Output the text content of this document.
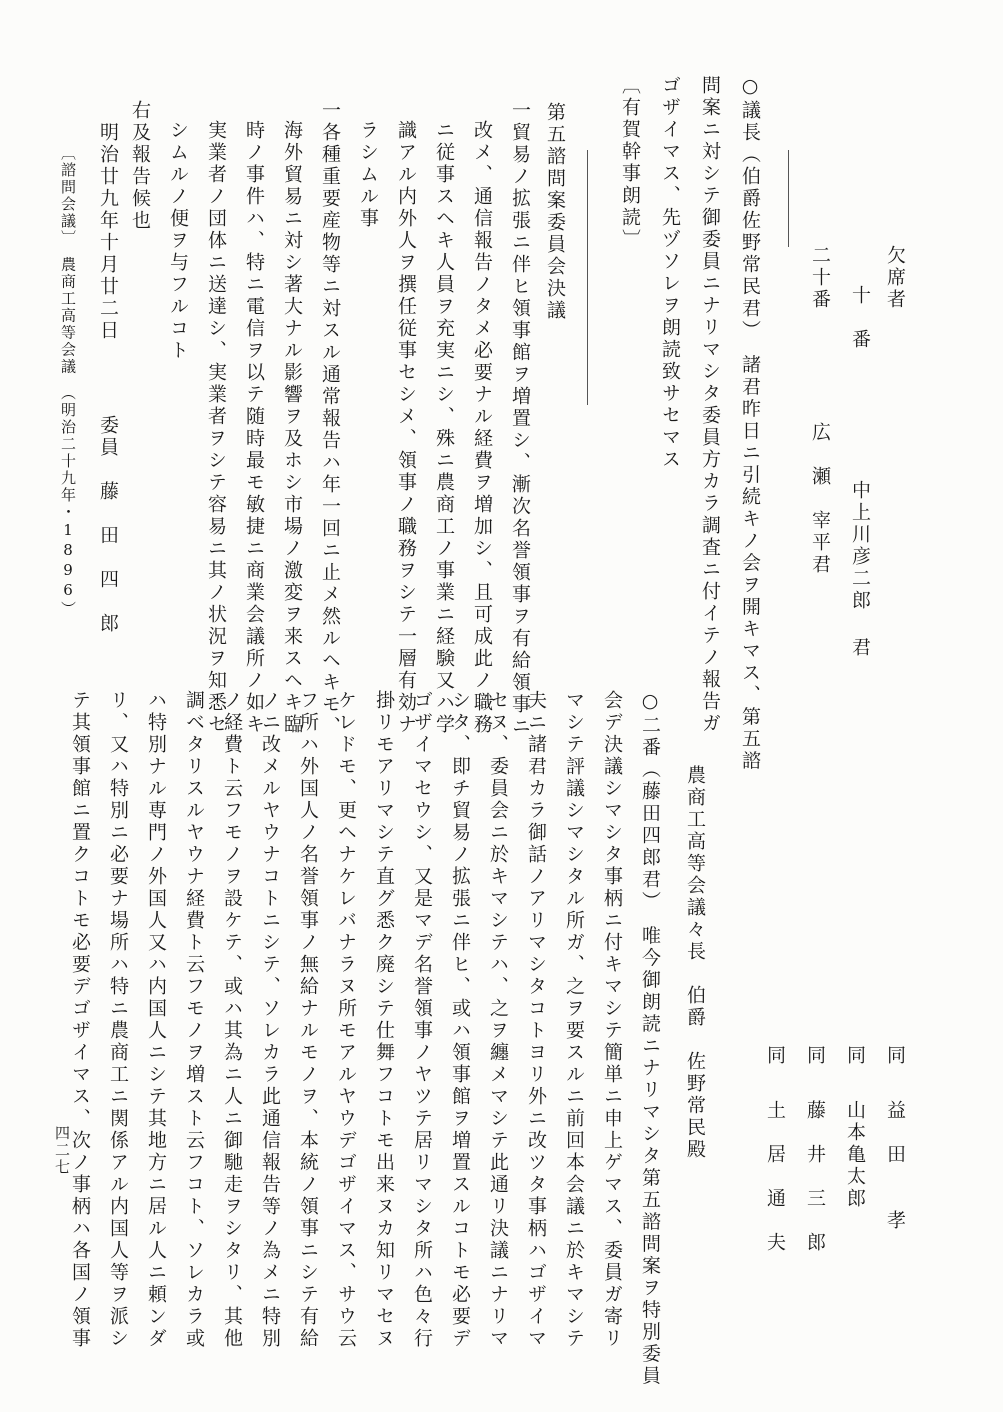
欠席者
十　番
中上川彦二郎 君
二十番
広　瀬　宰平君
○議長（伯爵佐野常民君）　諸君昨日ニ引続キノ会ヲ開キマス、第五諮
問案ニ対シテ御委員ニナリマシタ委員方カラ調査ニ付イテノ報告ガ
ゴザイマス、先ヅソレヲ朗読致サセマス
〔有賀幹事朗読〕
第五諮問案委員会決議
一貿易ノ拡張ニ伴ヒ領事館ヲ増置シ、漸次名誉領事ヲ有給領事ニ
改メ、通信報告ノタメ必要ナル経費ヲ増加シ、且可成此ノ職務
ニ従事スヘキ人員ヲ充実ニシ、殊ニ農商工ノ事業ニ経験又ハ学
識アル内外人ヲ撰任従事セシメ、領事ノ職務ヲシテ一層有効ナ
ラシムル事
一各種重要産物等ニ対スル通常報告ハ年一回ニ止メ然ルヘキモ、
海外貿易ニ対シ著大ナル影響ヲ及ホシ市場ノ激変ヲ来スヘキ臨
時ノ事件ハ、特ニ電信ヲ以テ随時最モ敏捷ニ商業会議所ノ如キ
実業者ノ団体ニ送達シ、実業者ヲシテ容易ニ其ノ状況ヲ知悉セ
シムルノ便ヲ与フルコト
右及報告候也
明治廿九年十月廿二日
委員　藤　田　四　郎
〔諮問会議〕　農商工高等会議　（明治二十九年・1896）
同
益　田　　孝
同
山本亀太郎
同
藤　井　三　郎
同
土　居　通　夫
農商工高等会議々長　伯爵　佐野常民殿
○二番（藤田四郎君）　唯今御朗読ニナリマシタ第五諮問案ヲ特別委員
会デ決議シマシタ事柄ニ付キマシテ簡単ニ申上ゲマス、委員ガ寄リ
マシテ評議シマシタル所ガ、之ヲ要スルニ前回本会議ニ於キマシテ
夫ニ諸君カラ御話ノアリマシタコトヨリ外ニ改ツタ事柄ハゴザイマ
セヌ、委員会ニ於キマシテハ、之ヲ纏メマシテ此通リ決議ニナリマ
シタ、即チ貿易ノ拡張ニ伴ヒ、或ハ領事館ヲ増置スルコトモ必要デ
ゴザイマセウシ、又是マデ名誉領事ノヤツテ居リマシタ所ハ色々行
掛リモアリマシテ直グ悉ク廃シテ仕舞フコトモ出来ヌカ知リマセヌ
ケレドモ、更ヘナケレバナラヌ所モアルヤウデゴザイマス、サウ云
フ所ハ外国人ノ名誉領事ノ無給ナルモノヲ、本統ノ領事ニシテ有給
ノニ改メルヤウナコトニシテ、ソレカラ此通信報告等ノ為メニ特別
ノ経費ト云フモノヲ設ケテ、或ハ其為ニ人ニ御馳走ヲシタリ、其他
調ベタリスルヤウナ経費ト云フモノヲ増スト云フコト、ソレカラ或
ハ特別ナル専門ノ外国人又ハ内国人ニシテ其地方ニ居ル人ニ頼ンダ
リ、又ハ特別ニ必要ナ場所ハ特ニ農商工ニ関係アル内国人等ヲ派シ
テ其領事館ニ置クコトモ必要デゴザイマス、次ノ事柄ハ各国ノ領事
四二七
